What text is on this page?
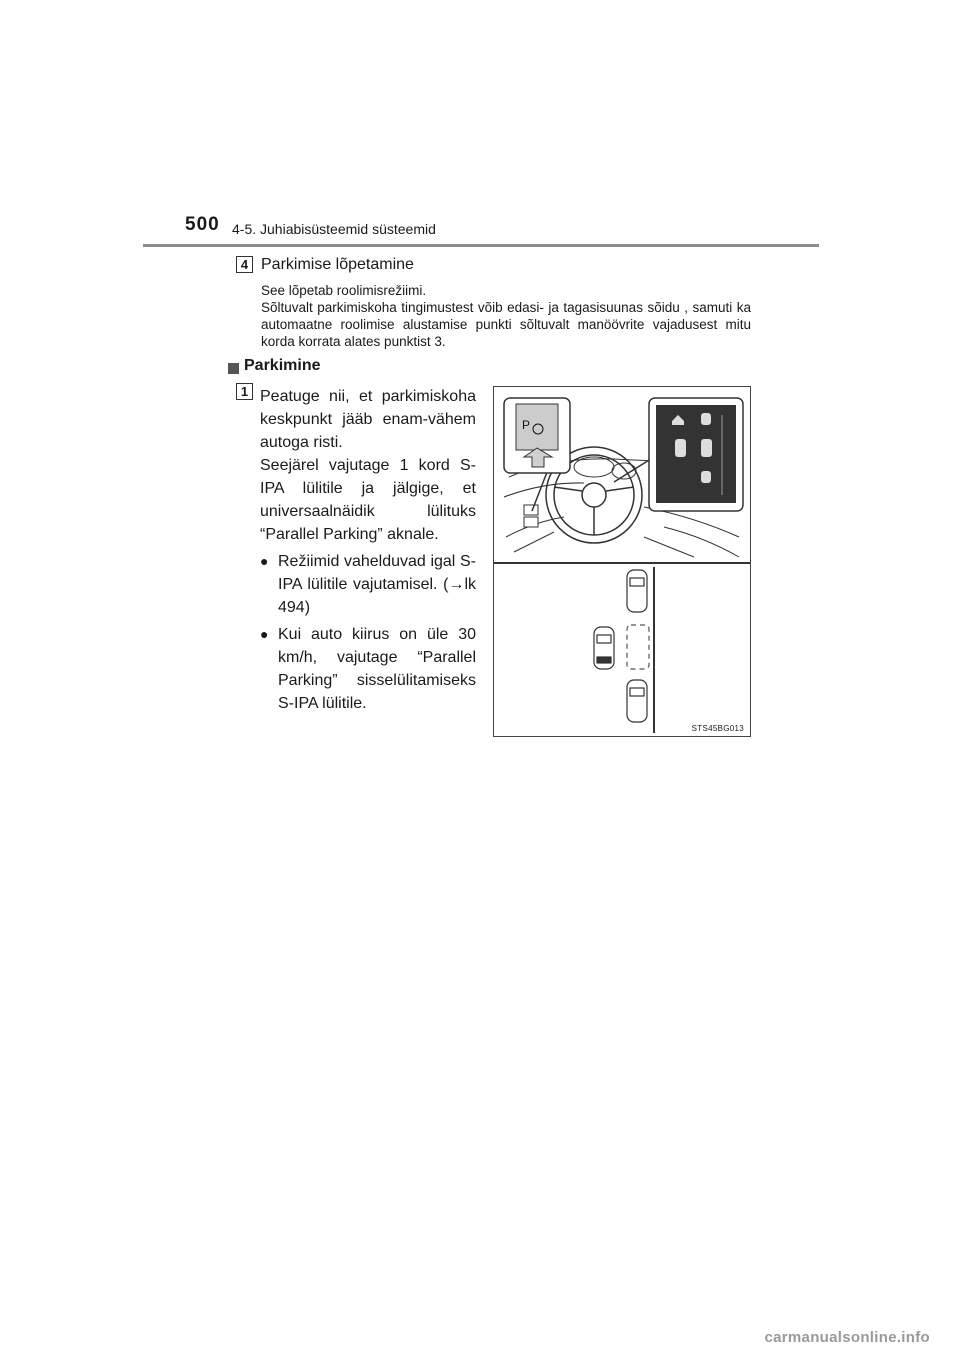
500 4-5. Juhiabisüsteemid süsteemid
4 Parkimise lõpetamine

See lõpetab roolimisrežiimi.

Sõltuvalt parkimiskoha tingimustest võib edasi- ja tagasisuunas sõidu , samuti ka automaatne roolimise alustamise punkti sõltuvalt manöövrite vajadusest mitu korda korrata alates punktist 3.

Parkimine
1 Peatuge nii, et parkimiskoha keskpunkt jääb enam-vähem autoga risti.

Seejärel vajutage 1 kord S-IPA lülitile ja jälgige, et universaalnäidik lülituks “Parallel Parking” aknale.

● Režiimid vahelduvad igal S-IPA lülitile vajutamisel. (→lk 494)
● Kui auto kiirus on üle 30 km/h, vajutage “Parallel Parking” sisselülitamiseks S-IPA lülitile.
P
STS45BG013
carmanualsonline.info
